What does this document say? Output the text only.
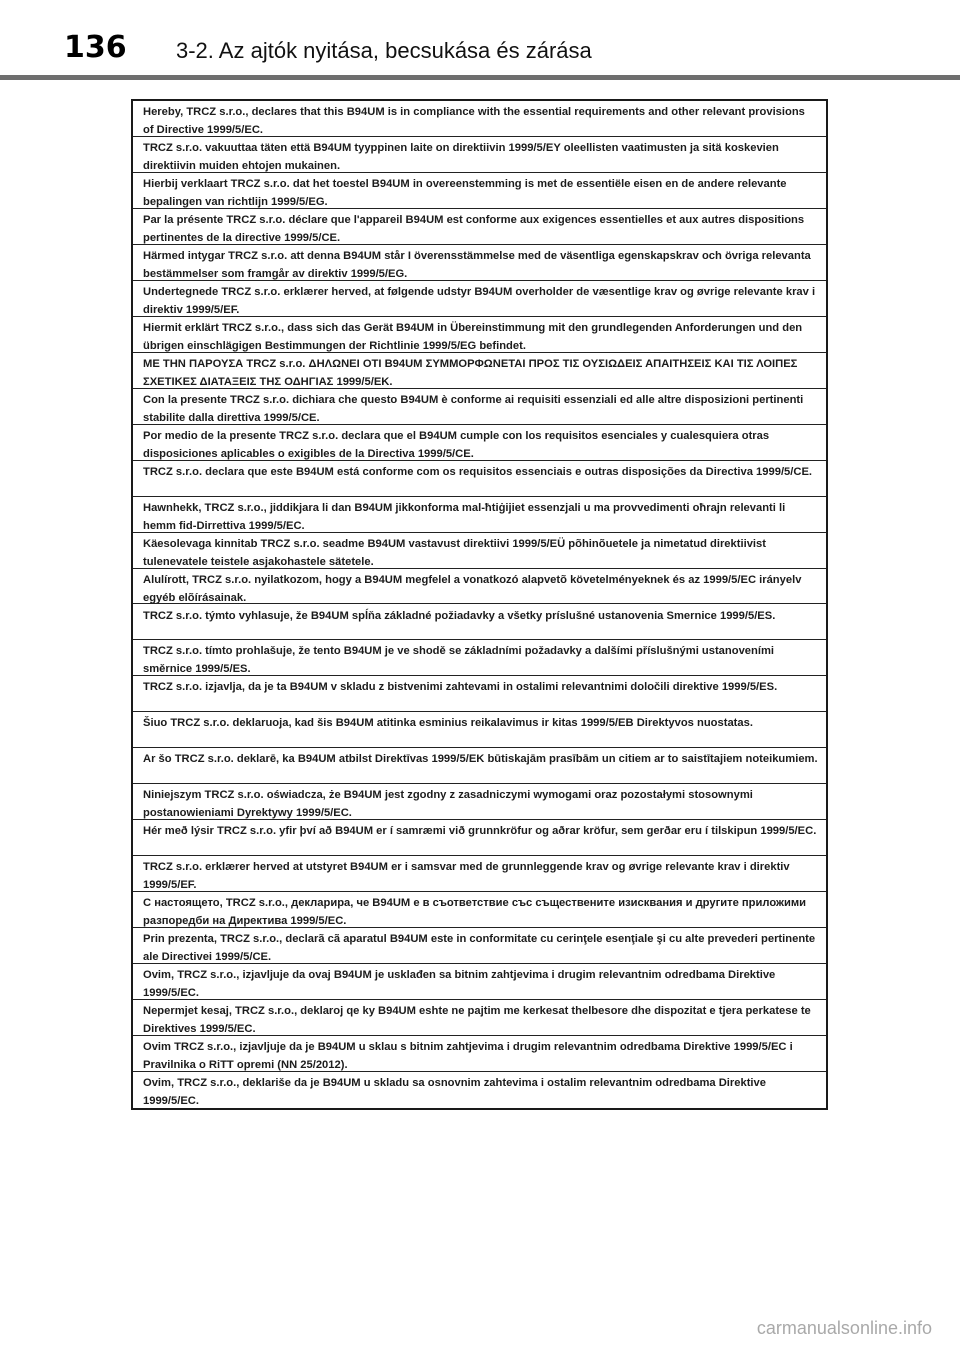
136 3-2. Az ajtók nyitása, becsukása és zárása
Hereby, TRCZ s.r.o., declares that this B94UM is in compliance with the essential requirements and other relevant provisions of Directive 1999/5/EC.
TRCZ s.r.o. vakuuttaa täten että B94UM tyyppinen laite on direktiivin 1999/5/EY oleellisten vaatimusten ja sitä koskevien direktiivin muiden ehtojen mukainen.
Hierbij verklaart TRCZ s.r.o. dat het toestel B94UM in overeenstemming is met de essentiële eisen en de andere relevante bepalingen van richtlijn 1999/5/EG.
Par la présente TRCZ s.r.o. déclare que l'appareil B94UM est conforme aux exigences essentielles et aux autres dispositions pertinentes de la directive 1999/5/CE.
Härmed intygar TRCZ s.r.o. att denna B94UM står I överensstämmelse med de väsentliga egenskapskrav och övriga relevanta bestämmelser som framgår av direktiv 1999/5/EG.
Undertegnede TRCZ s.r.o. erklærer herved, at følgende udstyr B94UM overholder de væsentlige krav og øvrige relevante krav i direktiv 1999/5/EF.
Hiermit erklärt TRCZ s.r.o., dass sich das Gerät B94UM in Übereinstimmung mit den grundlegenden Anforderungen und den übrigen einschlägigen Bestimmungen der Richtlinie 1999/5/EG befindet.
ΜΕ ΤΗΝ ΠΑΡΟΥΣΑ TRCZ s.r.o. ΔΗΛΩΝΕΙ ΟΤΙ B94UM ΣΥΜΜΟΡΦΩΝΕΤΑΙ ΠΡΟΣ ΤΙΣ ΟΥΣΙΩΔΕΙΣ ΑΠΑΙΤΗΣΕΙΣ ΚΑΙ ΤΙΣ ΛΟΙΠΕΣ ΣΧΕΤΙΚΕΣ ΔΙΑΤΑΞΕΙΣ ΤΗΣ ΟΔΗΓΙΑΣ 1999/5/ΕΚ.
Con la presente TRCZ s.r.o. dichiara che questo B94UM è conforme ai requisiti essenziali ed alle altre disposizioni pertinenti stabilite dalla direttiva 1999/5/CE.
Por medio de la presente TRCZ s.r.o. declara que el B94UM cumple con los requisitos esenciales y cualesquiera otras disposiciones aplicables o exigibles de la Directiva 1999/5/CE.
TRCZ s.r.o. declara que este B94UM está conforme com os requisitos essenciais e outras disposições da Directiva 1999/5/CE.
Hawnhekk, TRCZ s.r.o., jiddikjara li dan B94UM jikkonforma mal-ħtiġijiet essenzjali u ma provvedimenti oħrajn relevanti li hemm fid-Dirrettiva 1999/5/EC.
Käesolevaga kinnitab TRCZ s.r.o. seadme B94UM vastavust direktiivi 1999/5/EÜ põhinõuetele ja nimetatud direktiivist tulenevatele teistele asjakohastele sätetele.
Alulírott, TRCZ s.r.o. nyilatkozom, hogy a B94UM megfelel a vonatkozó alapvetõ követelményeknek és az 1999/5/EC irányelv egyéb elõírásainak.
TRCZ s.r.o. týmto vyhlasuje, že B94UM spĺňa základné požiadavky a všetky príslušné ustanovenia Smernice 1999/5/ES.
TRCZ s.r.o. tímto prohlašuje, že tento B94UM je ve shodě se základními požadavky a dalšími příslušnými ustanoveními směrnice 1999/5/ES.
TRCZ s.r.o. izjavlja, da je ta B94UM v skladu z bistvenimi zahtevami in ostalimi relevantnimi določili direktive 1999/5/ES.
Šiuo TRCZ s.r.o. deklaruoja, kad šis B94UM atitinka esminius reikalavimus ir kitas 1999/5/EB Direktyvos nuostatas.
Ar šo TRCZ s.r.o. deklarē, ka B94UM atbilst Direktīvas 1999/5/EK būtiskajām prasībām un citiem ar to saistītajiem noteikumiem.
Niniejszym TRCZ s.r.o. oświadcza, że B94UM jest zgodny z zasadniczymi wymogami oraz pozostałymi stosownymi postanowieniami Dyrektywy 1999/5/EC.
Hér með lýsir TRCZ s.r.o. yfir því að B94UM er í samræmi við grunnkröfur og aðrar kröfur, sem gerðar eru í tilskipun 1999/5/EC.
TRCZ s.r.o. erklærer herved at utstyret B94UM er i samsvar med de grunnleggende krav og øvrige relevante krav i direktiv 1999/5/EF.
С настоящето, TRCZ s.r.o., декларира, че B94UM е в съответствие със съществените изисквания и другите приложими разпоредби на Директива 1999/5/ЕС.
Prin prezenta, TRCZ s.r.o., declarã cã aparatul B94UM este in conformitate cu cerinţele esenţiale şi cu alte prevederi pertinente ale Directivei 1999/5/CE.
Ovim, TRCZ s.r.o., izjavljuje da ovaj B94UM je usklađen sa bitnim zahtjevima i drugim relevantnim odredbama Direktive 1999/5/EC.
Nepermjet kesaj, TRCZ s.r.o., deklaroj qe ky B94UM eshte ne pajtim me kerkesat thelbesore dhe dispozitat e tjera perkatese te Direktives 1999/5/EC.
Ovim TRCZ s.r.o., izjavljuje da je B94UM u sklau s bitnim zahtjevima i drugim relevantnim odredbama Direktive 1999/5/EC i Pravilnika o RiTT opremi (NN 25/2012).
Ovim, TRCZ s.r.o., deklariše da je B94UM u skladu sa osnovnim zahtevima i ostalim relevantnim odredbama Direktive 1999/5/EC.
carmanualsonline.info
